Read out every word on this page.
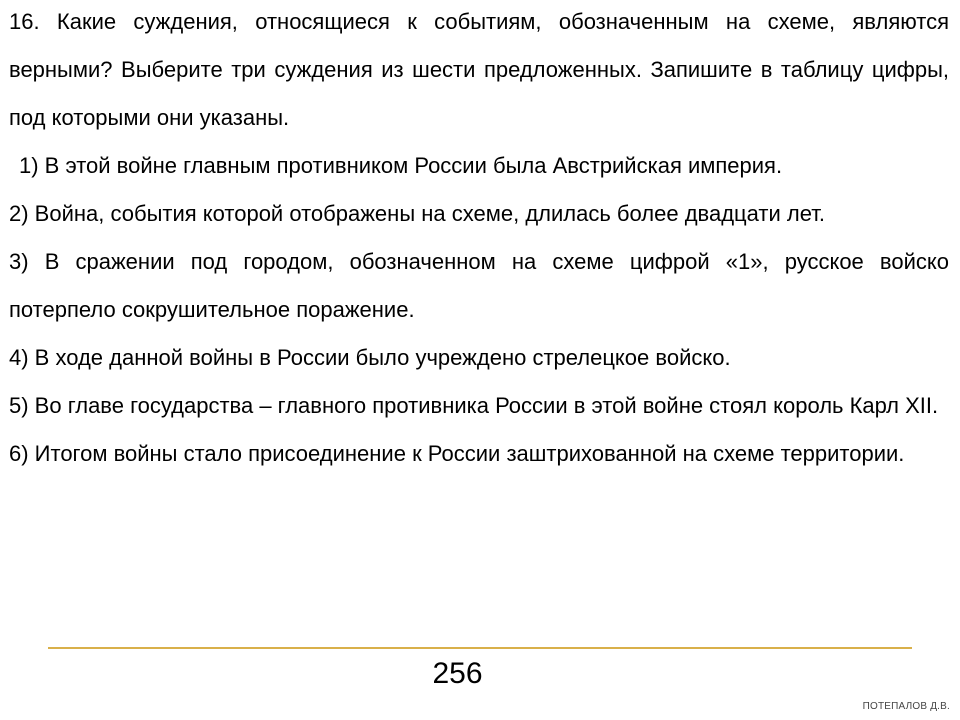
16. Какие суждения, относящиеся к событиям, обозначенным на схеме, являются верными? Выберите три суждения из шести предложенных. Запишите в таблицу цифры, под которыми они указаны.

1) В этой войне главным противником России была Австрийская империя.

2) Война, события которой отображены на схеме, длилась более двадцати лет.

3) В сражении под городом, обозначенном на схеме цифрой «1», русское войско потерпело сокрушительное поражение.

4) В ходе данной войны в России было учреждено стрелецкое войско.

5) Во главе государства – главного противника России в этой войне стоял король Карл XII.

6) Итогом войны стало присоединение к России заштрихованной на схеме территории.

256
ПОТЕПАЛОВ Д.В.
